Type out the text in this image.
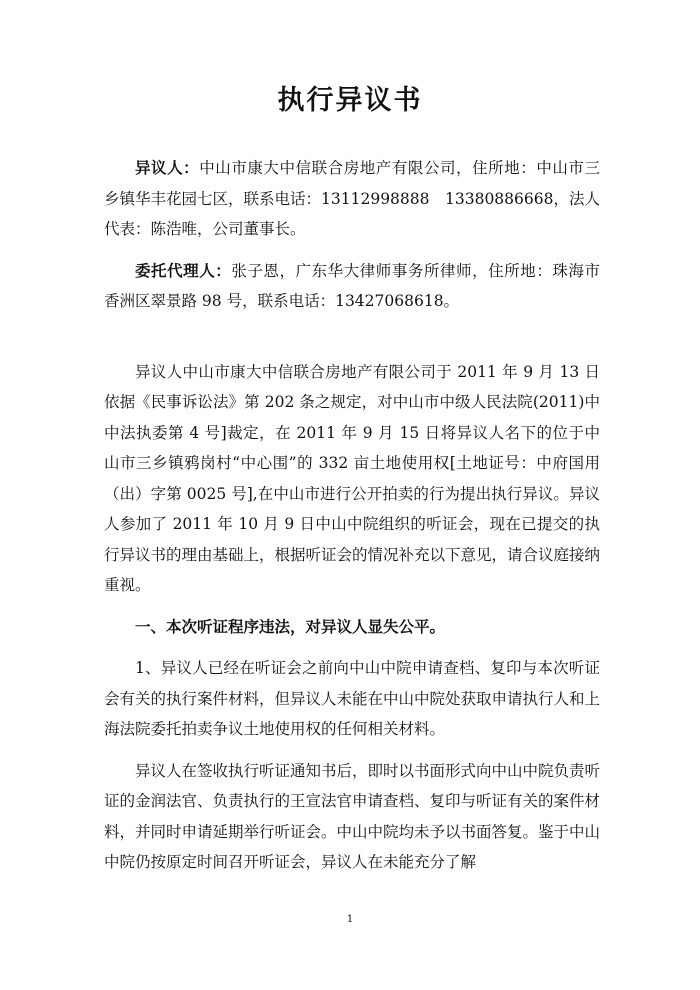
执行异议书

异议人：中山市康大中信联合房地产有限公司，住所地：中山市三乡镇华丰花园七区，联系电话：13112998888　13380886668，法人代表：陈浩唯，公司董事长。

委托代理人：张子恩，广东华大律师事务所律师，住所地：珠海市香洲区翠景路 98 号，联系电话：13427068618。

异议人中山市康大中信联合房地产有限公司于 2011 年 9 月 13 日依据《民事诉讼法》第 202 条之规定，对中山市中级人民法院(2011)中中法执委第 4 号]裁定，在 2011 年 9 月 15 日将异议人名下的位于中山市三乡镇鸦岗村“中心围”的 332 亩土地使用权[土地证号：中府国用（出）字第 0025 号],在中山市进行公开拍卖的行为提出执行异议。异议人参加了 2011 年 10 月 9 日中山中院组织的听证会，现在已提交的执行异议书的理由基础上，根据听证会的情况补充以下意见，请合议庭接纳重视。

一、本次听证程序违法，对异议人显失公平。

1、异议人已经在听证会之前向中山中院申请查档、复印与本次听证会有关的执行案件材料，但异议人未能在中山中院处获取申请执行人和上海法院委托拍卖争议土地使用权的任何相关材料。

异议人在签收执行听证通知书后，即时以书面形式向中山中院负责听证的金润法官、负责执行的王宣法官申请查档、复印与听证有关的案件材料，并同时申请延期举行听证会。中山中院均未予以书面答复。鉴于中山中院仍按原定时间召开听证会，异议人在未能充分了解

1
